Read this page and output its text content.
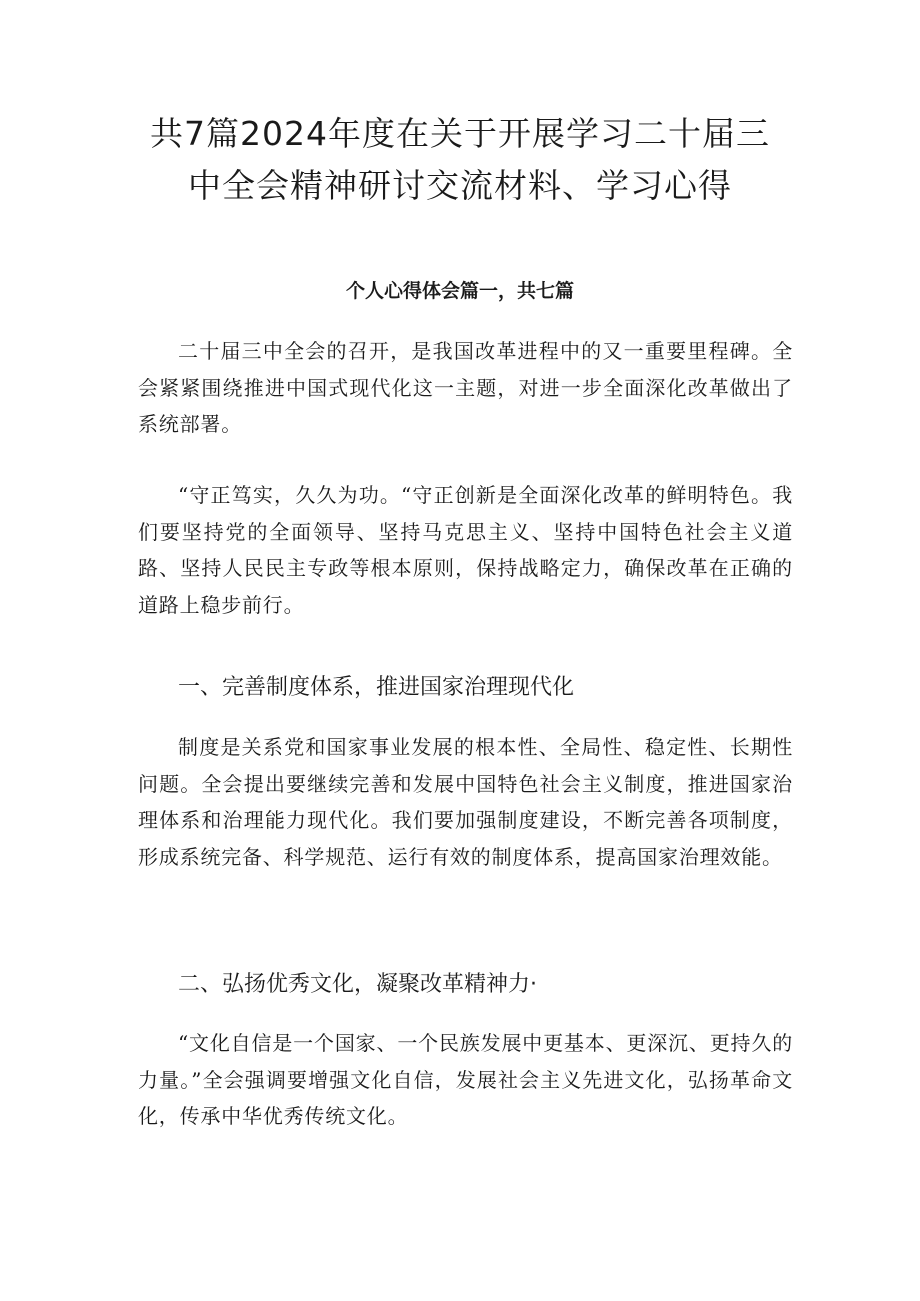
共7篇2024年度在关于开展学习二十届三
中全会精神研讨交流材料、学习心得

个人心得体会篇一，共七篇

二十届三中全会的召开，是我国改革进程中的又一重要里程碑。全会紧紧围绕推进中国式现代化这一主题，对进一步全面深化改革做出了系统部署。

“守正笃实，久久为功。“守正创新是全面深化改革的鲜明特色。我们要坚持党的全面领导、坚持马克思主义、坚持中国特色社会主义道路、坚持人民民主专政等根本原则，保持战略定力，确保改革在正确的道路上稳步前行。

一、完善制度体系，推进国家治理现代化

制度是关系党和国家事业发展的根本性、全局性、稳定性、长期性问题。全会提出要继续完善和发展中国特色社会主义制度，推进国家治理体系和治理能力现代化。我们要加强制度建设，不断完善各项制度，形成系统完备、科学规范、运行有效的制度体系，提高国家治理效能。

二、弘扬优秀文化，凝聚改革精神力·

“文化自信是一个国家、一个民族发展中更基本、更深沉、更持久的力量。”全会强调要增强文化自信，发展社会主义先进文化，弘扬革命文化，传承中华优秀传统文化。
